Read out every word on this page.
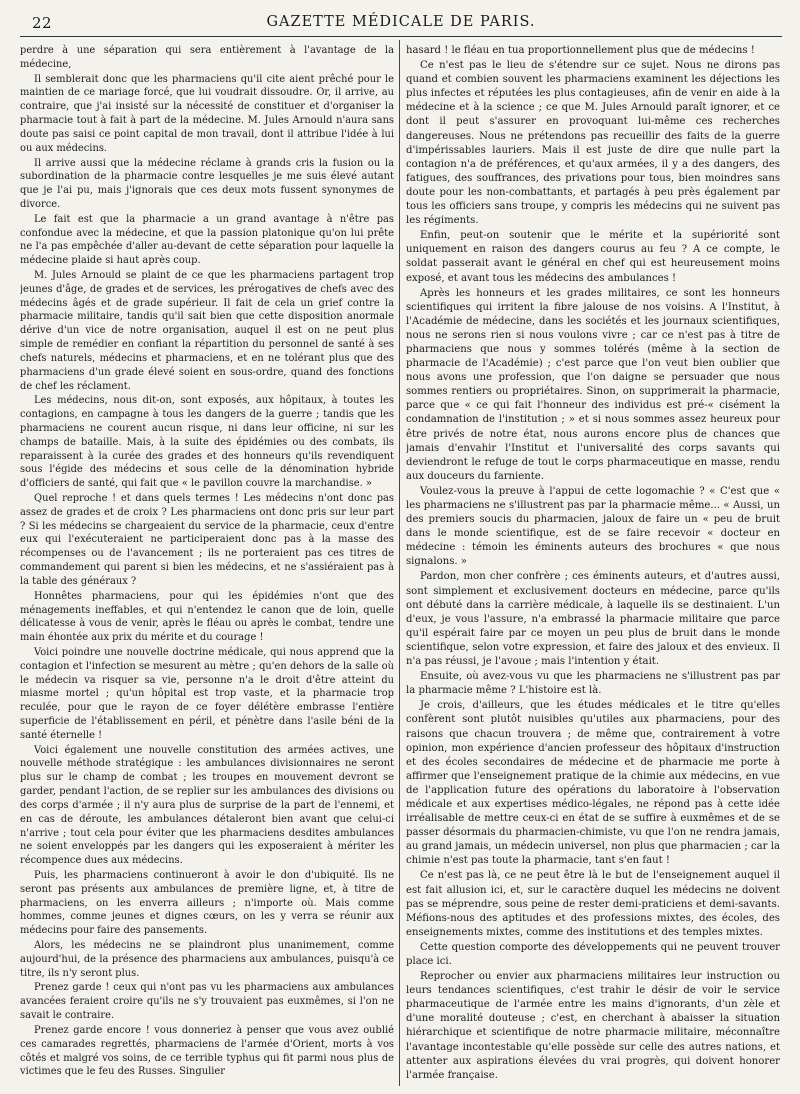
22	GAZETTE MÉDICALE DE PARIS.

perdre à une séparation qui sera entièrement à l'avantage de la médecine,

Il semblerait donc que les pharmaciens qu'il cite aient prêché pour le maintien de ce mariage forcé, que lui voudrait dissoudre. Or, il arrive, au contraire, que j'ai insisté sur la nécessité de constituer et d'organiser la pharmacie tout à fait à part de la médecine. M. Jules Arnould n'aura sans doute pas saisi ce point capital de mon travail, dont il attribue l'idée à lui ou aux médecins.

Il arrive aussi que la médecine réclame à grands cris la fusion ou la subordination de la pharmacie contre lesquelles je me suis élevé autant que je l'ai pu, mais j'ignorais que ces deux mots fussent synonymes de divorce.

Le fait est que la pharmacie a un grand avantage à n'être pas confondue avec la médecine, et que la passion platonique qu'on lui prête ne l'a pas empêchée d'aller au-devant de cette séparation pour laquelle la médecine plaide si haut après coup.

M. Jules Arnould se plaint de ce que les pharmaciens partagent trop jeunes d'âge, de grades et de services, les prérogatives de chefs avec des médecins âgés et de grade supérieur. Il fait de cela un grief contre la pharmacie militaire, tandis qu'il sait bien que cette disposition anormale dérive d'un vice de notre organisation, auquel il est on ne peut plus simple de remédier en confiant la répartition du personnel de santé à ses chefs naturels, médecins et pharmaciens, et en ne tolérant plus que des pharmaciens d'un grade élevé soient en sous-ordre, quand des fonctions de chef les réclament.

Les médecins, nous dit-on, sont exposés, aux hôpitaux, à toutes les contagions, en campagne à tous les dangers de la guerre ; tandis que les pharmaciens ne courent aucun risque, ni dans leur officine, ni sur les champs de bataille. Mais, à la suite des épidémies ou des combats, ils reparaissent à la curée des grades et des honneurs qu'ils revendiquent sous l'égide des médecins et sous celle de la dénomination hybride d'officiers de santé, qui fait que « le pavillon couvre la marchandise. »

Quel reproche ! et dans quels termes ! Les médecins n'ont donc pas assez de grades et de croix ? Les pharmaciens ont donc pris sur leur part ? Si les médecins se chargeaient du service de la pharmacie, ceux d'entre eux qui l'exécuteraient ne participeraient donc pas à la masse des récompenses ou de l'avancement ; ils ne porteraient pas ces titres de commandement qui parent si bien les médecins, et ne s'assiéraient pas à la table des généraux ?

Honnêtes pharmaciens, pour qui les épidémies n'ont que des ménagements ineffables, et qui n'entendez le canon que de loin, quelle délicatesse à vous de venir, après le fléau ou après le combat, tendre une main éhontée aux prix du mérite et du courage !

Voici poindre une nouvelle doctrine médicale, qui nous apprend que la contagion et l'infection se mesurent au mètre ; qu'en dehors de la salle où le médecin va risquer sa vie, personne n'a le droit d'être atteint du miasme mortel ; qu'un hôpital est trop vaste, et la pharmacie trop reculée, pour que le rayon de ce foyer délétère embrasse l'entière superficie de l'établissement en péril, et pénètre dans l'asile béni de la santé éternelle !

Voici également une nouvelle constitution des armées actives, une nouvelle méthode stratégique : les ambulances divisionnaires ne seront plus sur le champ de combat ; les troupes en mouvement devront se garder, pendant l'action, de se replier sur les ambulances des divisions ou des corps d'armée ; il n'y aura plus de surprise de la part de l'ennemi, et en cas de déroute, les ambulances détaleront bien avant que celui-ci n'arrive ; tout cela pour éviter que les pharmaciens desdites ambulances ne soient enveloppés par les dangers qui les exposeraient à mériter les récompence dues aux médecins.

Puis, les pharmaciens continueront à avoir le don d'ubiquité. Ils ne seront pas présents aux ambulances de première ligne, et, à titre de pharmaciens, on les enverra ailleurs ; n'importe où. Mais comme hommes, comme jeunes et dignes cœurs, on les y verra se réunir aux médecins pour faire des pansements.

Alors, les médecins ne se plaindront plus unanimement, comme aujourd'hui, de la présence des pharmaciens aux ambulances, puisqu'à ce titre, ils n'y seront plus.

Prenez garde ! ceux qui n'ont pas vu les pharmaciens aux ambulances avancées feraient croire qu'ils ne s'y trouvaient pas euxmêmes, si l'on ne savait le contraire.

Prenez garde encore ! vous donneriez à penser que vous avez oublié ces camarades regrettés, pharmaciens de l'armée d'Orient, morts à vos côtés et malgré vos soins, de ce terrible typhus qui fit parmi nous plus de victimes que le feu des Russes. Singulier

hasard ! le fléau en tua proportionnellement plus que de médecins !

Ce n'est pas le lieu de s'étendre sur ce sujet. Nous ne dirons pas quand et combien souvent les pharmaciens examinent les déjections les plus infectes et réputées les plus contagieuses, afin de venir en aide à la médecine et à la science ; ce que M. Jules Arnould paraît ignorer, et ce dont il peut s'assurer en provoquant lui-même ces recherches dangereuses. Nous ne prétendons pas recueillir des faits de la guerre d'impérissables lauriers. Mais il est juste de dire que nulle part la contagion n'a de préférences, et qu'aux armées, il y a des dangers, des fatigues, des souffrances, des privations pour tous, bien moindres sans doute pour les non-combattants, et partagés à peu près également par tous les officiers sans troupe, y compris les médecins qui ne suivent pas les régiments.

Enfin, peut-on soutenir que le mérite et la supériorité sont uniquement en raison des dangers courus au feu ? A ce compte, le soldat passerait avant le général en chef qui est heureusement moins exposé, et avant tous les médecins des ambulances !

Après les honneurs et les grades militaires, ce sont les honneurs scientifiques qui irritent la fibre jalouse de nos voisins. A l'Institut, à l'Académie de médecine, dans les sociétés et les journaux scientifiques, nous ne serons rien si nous voulons vivre ; car ce n'est pas à titre de pharmaciens que nous y sommes tolérés (même à la section de pharmacie de l'Académie) ; c'est parce que l'on veut bien oublier que nous avons une profession, que l'on daigne se persuader que nous sommes rentiers ou propriétaires. Sinon, on supprimerait la pharmacie, parce que « ce qui fait l'honneur des individus est pré-« cisément la condamnation de l'institution ; » et si nous sommes assez heureux pour être privés de notre état, nous aurons encore plus de chances que jamais d'envahir l'Institut et l'universalité des corps savants qui deviendront le refuge de tout le corps pharmaceutique en masse, rendu aux douceurs du farniente.

Voulez-vous la preuve à l'appui de cette logomachie ? « C'est que « les pharmaciens ne s'illustrent pas par la pharmacie même... « Aussi, un des premiers soucis du pharmacien, jaloux de faire un « peu de bruit dans le monde scientifique, est de se faire recevoir « docteur en médecine : témoin les éminents auteurs des brochures « que nous signalons. »

Pardon, mon cher confrère ; ces éminents auteurs, et d'autres aussi, sont simplement et exclusivement docteurs en médecine, parce qu'ils ont débuté dans la carrière médicale, à laquelle ils se destinaient. L'un d'eux, je vous l'assure, n'a embrassé la pharmacie militaire que parce qu'il espérait faire par ce moyen un peu plus de bruit dans le monde scientifique, selon votre expression, et faire des jaloux et des envieux. Il n'a pas réussi, je l'avoue ; mais l'intention y était.

Ensuite, où avez-vous vu que les pharmaciens ne s'illustrent pas par la pharmacie même ? L'histoire est là.

Je crois, d'ailleurs, que les études médicales et le titre qu'elles confèrent sont plutôt nuisibles qu'utiles aux pharmaciens, pour des raisons que chacun trouvera ; de même que, contrairement à votre opinion, mon expérience d'ancien professeur des hôpitaux d'instruction et des écoles secondaires de médecine et de pharmacie me porte à affirmer que l'enseignement pratique de la chimie aux médecins, en vue de l'application future des opérations du laboratoire à l'observation médicale et aux expertises médico-légales, ne répond pas à cette idée irréalisable de mettre ceux-ci en état de se suffire à euxmêmes et de se passer désormais du pharmacien-chimiste, vu que l'on ne rendra jamais, au grand jamais, un médecin universel, non plus que pharmacien ; car la chimie n'est pas toute la pharmacie, tant s'en faut !

Ce n'est pas là, ce ne peut être là le but de l'enseignement auquel il est fait allusion ici, et, sur le caractère duquel les médecins ne doivent pas se méprendre, sous peine de rester demi-praticiens et demi-savants. Méfions-nous des aptitudes et des professions mixtes, des écoles, des enseignements mixtes, comme des institutions et des temples mixtes.

Cette question comporte des développements qui ne peuvent trouver place ici.

Reprocher ou envier aux pharmaciens militaires leur instruction ou leurs tendances scientifiques, c'est trahir le désir de voir le service pharmaceutique de l'armée entre les mains d'ignorants, d'un zèle et d'une moralité douteuse ; c'est, en cherchant à abaisser la situation hiérarchique et scientifique de notre pharmacie militaire, méconnaître l'avantage incontestable qu'elle possède sur celle des autres nations, et attenter aux aspirations élevées du vrai progrès, qui doivent honorer l'armée française.
